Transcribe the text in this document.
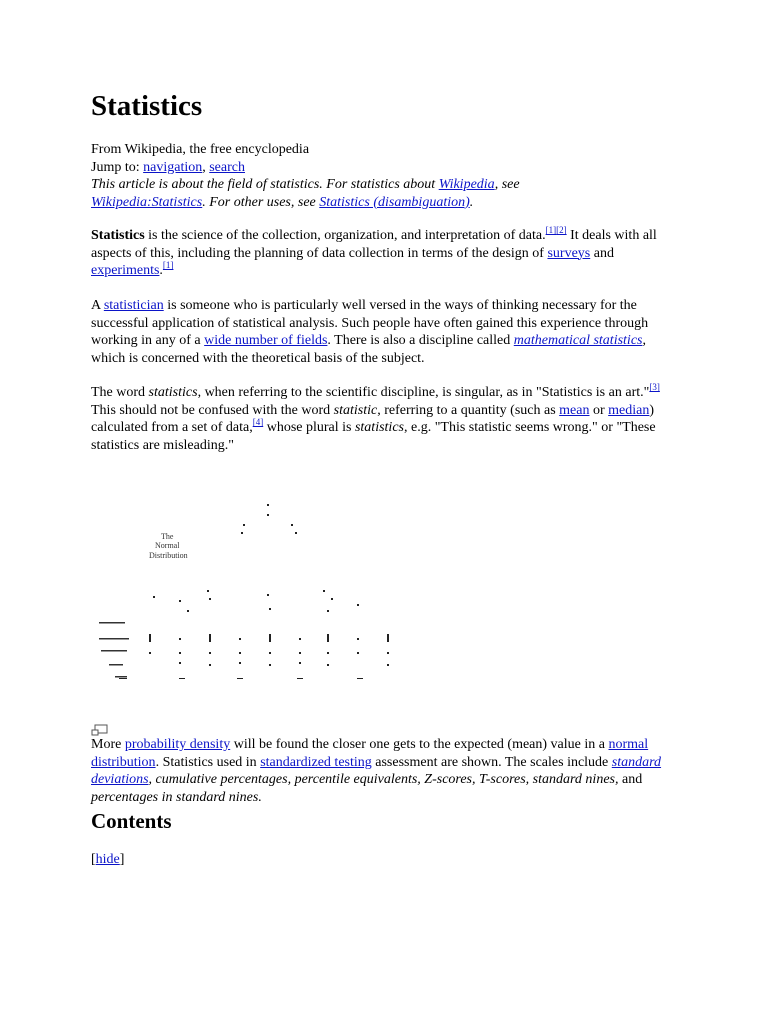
Statistics

From Wikipedia, the free encyclopedia

Jump to: navigation, search

This article is about the field of statistics. For statistics about Wikipedia, see Wikipedia:Statistics. For other uses, see Statistics (disambiguation).

Statistics is the science of the collection, organization, and interpretation of data.[1][2] It deals with all aspects of this, including the planning of data collection in terms of the design of surveys and experiments.[1]

A statistician is someone who is particularly well versed in the ways of thinking necessary for the successful application of statistical analysis. Such people have often gained this experience through working in any of a wide number of fields. There is also a discipline called mathematical statistics, which is concerned with the theoretical basis of the subject.

The word statistics, when referring to the scientific discipline, is singular, as in "Statistics is an art."[3] This should not be confused with the word statistic, referring to a quantity (such as mean or median) calculated from a set of data,[4] whose plural is statistics, e.g. "This statistic seems wrong." or "These statistics are misleading."

The
Normal
Distribution

More probability density will be found the closer one gets to the expected (mean) value in a normal distribution. Statistics used in standardized testing assessment are shown. The scales include standard deviations, cumulative percentages, percentile equivalents, Z-scores, T-scores, standard nines, and percentages in standard nines.

Contents

[hide]
